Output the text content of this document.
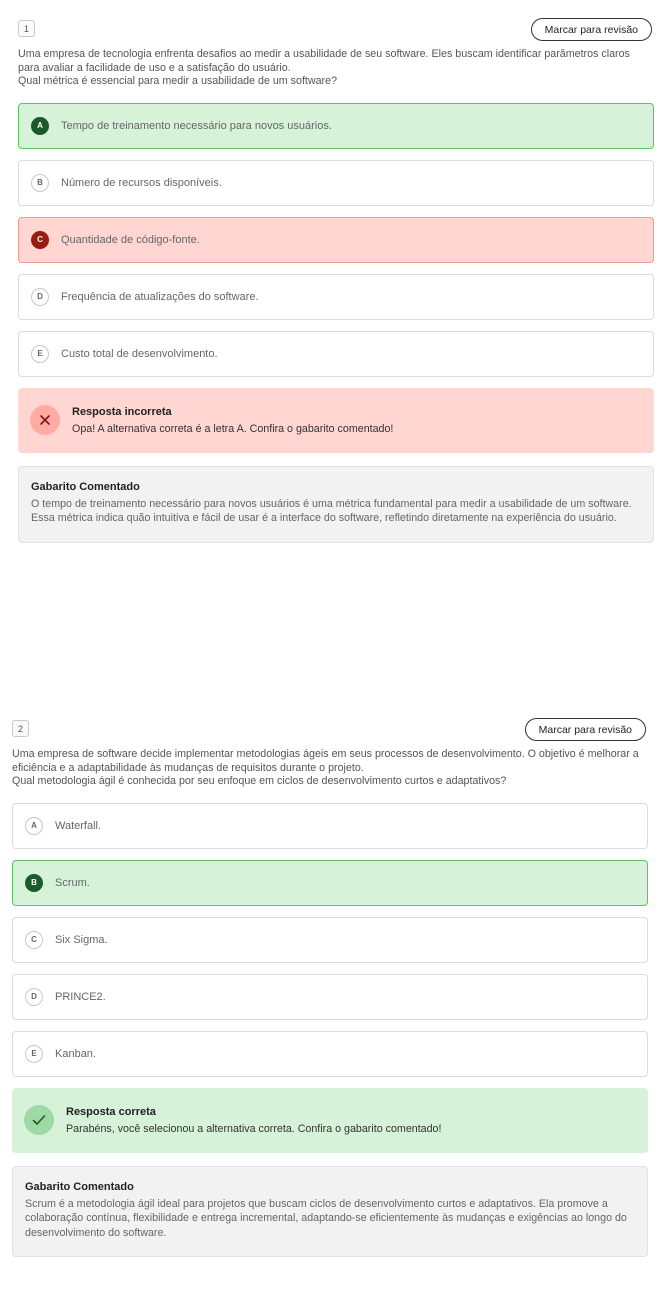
1	Marcar para revisão

Uma empresa de tecnologia enfrenta desafios ao medir a usabilidade de seu software. Eles buscam identificar parâmetros claros para avaliar a facilidade de uso e a satisfação do usuário.

Qual métrica é essencial para medir a usabilidade de um software?

A	Tempo de treinamento necessário para novos usuários.
B	Número de recursos disponíveis.
C	Quantidade de código-fonte.
D	Frequência de atualizações do software.
E	Custo total de desenvolvimento.
Resposta incorreta
Opa! A alternativa correta é a letra A. Confira o gabarito comentado!
Gabarito Comentado
O tempo de treinamento necessário para novos usuários é uma métrica fundamental para medir a usabilidade de um software. Essa métrica indica quão intuitiva e fácil de usar é a interface do software, refletindo diretamente na experiência do usuário.
2	Marcar para revisão

Uma empresa de software decide implementar metodologias ágeis em seus processos de desenvolvimento. O objetivo é melhorar a eficiência e a adaptabilidade às mudanças de requisitos durante o projeto.

Qual metodologia ágil é conhecida por seu enfoque em ciclos de desenvolvimento curtos e adaptativos?

A	Waterfall.
B	Scrum.
C	Six Sigma.
D	PRINCE2.
E	Kanban.
Resposta correta
Parabéns, você selecionou a alternativa correta. Confira o gabarito comentado!
Gabarito Comentado
Scrum é a metodologia ágil ideal para projetos que buscam ciclos de desenvolvimento curtos e adaptativos. Ela promove a colaboração contínua, flexibilidade e entrega incremental, adaptando-se eficientemente às mudanças e exigências ao longo do desenvolvimento do software.
